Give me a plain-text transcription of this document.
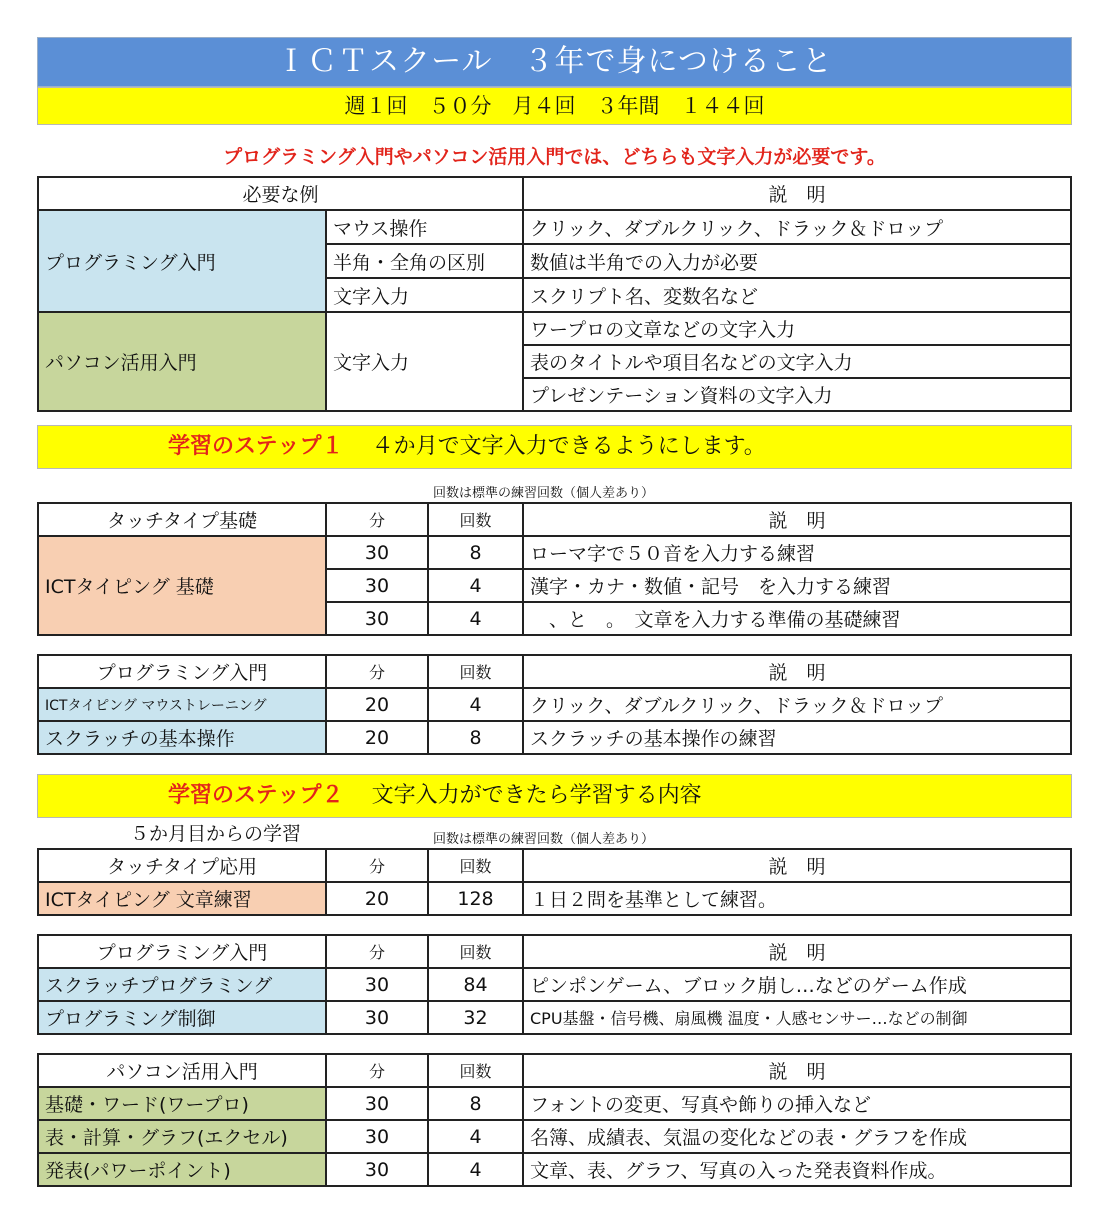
ＩＣＴスクール　３年で身につけること
週１回　５０分　月４回　３年間　１４４回
プログラミング入門やパソコン活用入門では、どちらも文字入力が必要です。
必要な例		説　明
プログラミング入門	マウス操作	クリック、ダブルクリック、ドラック＆ドロップ
	半角・全角の区別	数値は半角での入力が必要
	文字入力	スクリプト名、変数名など
パソコン活用入門	文字入力	ワープロの文章などの文字入力
		表のタイトルや項目名などの文字入力
		プレゼンテーション資料の文字入力
学習のステップ１ ４か月で文字入力できるようにします。
回数は標準の練習回数（個人差あり）
タッチタイプ基礎	分	回数	説　明
ICTタイピング 基礎	30	8	ローマ字で５０音を入力する練習
	30	4	漢字・カナ・数値・記号　を入力する練習
	30	4	　、と　。　文章を入力する準備の基礎練習
プログラミング入門	分	回数	説　明
ICTタイピング マウストレーニング	20	4	クリック、ダブルクリック、ドラック＆ドロップ
スクラッチの基本操作	20	8	スクラッチの基本操作の練習
学習のステップ２ 文字入力ができたら学習する内容
５か月目からの学習	回数は標準の練習回数（個人差あり）
タッチタイプ応用	分	回数	説　明
ICTタイピング 文章練習	20	128	１日２問を基準として練習。
プログラミング入門	分	回数	説　明
スクラッチプログラミング	30	84	ピンポンゲーム、ブロック崩し…などのゲーム作成
プログラミング制御	30	32	CPU基盤・信号機、扇風機 温度・人感センサー…などの制御
パソコン活用入門	分	回数	説　明
基礎・ワード(ワープロ)	30	8	フォントの変更、写真や飾りの挿入など
表・計算・グラフ(エクセル)	30	4	名簿、成績表、気温の変化などの表・グラフを作成
発表(パワーポイント)	30	4	文章、表、グラフ、写真の入った発表資料作成。
